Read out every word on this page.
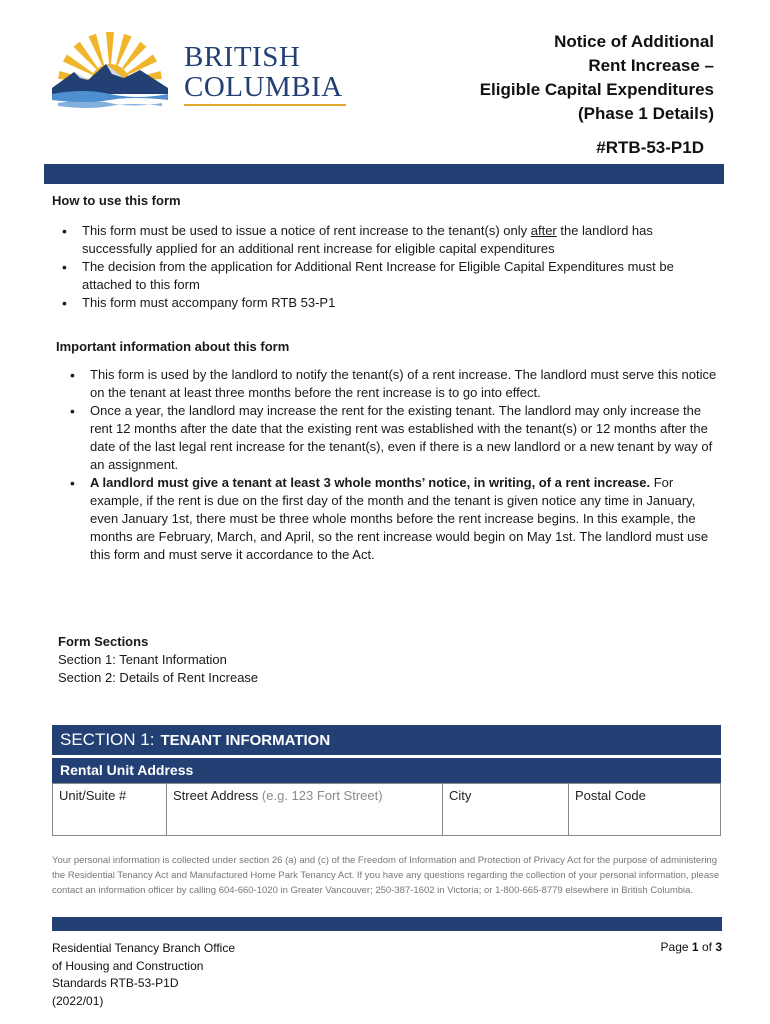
BRITISH
COLUMBIA
Notice of Additional
Rent Increase –
Eligible Capital Expenditures
(Phase 1 Details)
#RTB-53-P1D
How to use this form
• This form must be used to issue a notice of rent increase to the tenant(s) only after the landlord has successfully applied for an additional rent increase for eligible capital expenditures
• The decision from the application for Additional Rent Increase for Eligible Capital Expenditures must be attached to this form
• This form must accompany form RTB 53-P1
Important information about this form
• This form is used by the landlord to notify the tenant(s) of a rent increase. The landlord must serve this notice on the tenant at least three months before the rent increase is to go into effect.
• Once a year, the landlord may increase the rent for the existing tenant. The landlord may only increase the rent 12 months after the date that the existing rent was established with the tenant(s) or 12 months after the date of the last legal rent increase for the tenant(s), even if there is a new landlord or a new tenant by way of an assignment.
• A landlord must give a tenant at least 3 whole months’ notice, in writing, of a rent increase. For example, if the rent is due on the first day of the month and the tenant is given notice any time in January, even January 1st, there must be three whole months before the rent increase begins. In this example, the months are February, March, and April, so the rent increase would begin on May 1st. The landlord must use this form and must serve it accordance to the Act.
Form Sections
Section 1: Tenant Information
Section 2: Details of Rent Increase
SECTION 1: TENANT INFORMATION
Rental Unit Address
Unit/Suite #	Street Address (e.g. 123 Fort Street)	City	Postal Code
Your personal information is collected under section 26 (a) and (c) of the Freedom of Information and Protection of Privacy Act for the purpose of administering the Residential Tenancy Act and Manufactured Home Park Tenancy Act. If you have any questions regarding the collection of your personal information, please contact an information officer by calling 604-660-1020 in Greater Vancouver; 250-387-1602 in Victoria; or 1-800-665-8779 elsewhere in British Columbia.
Residential Tenancy Branch Office
of Housing and Construction
Standards RTB-53-P1D
(2022/01)
Page 1 of 3
